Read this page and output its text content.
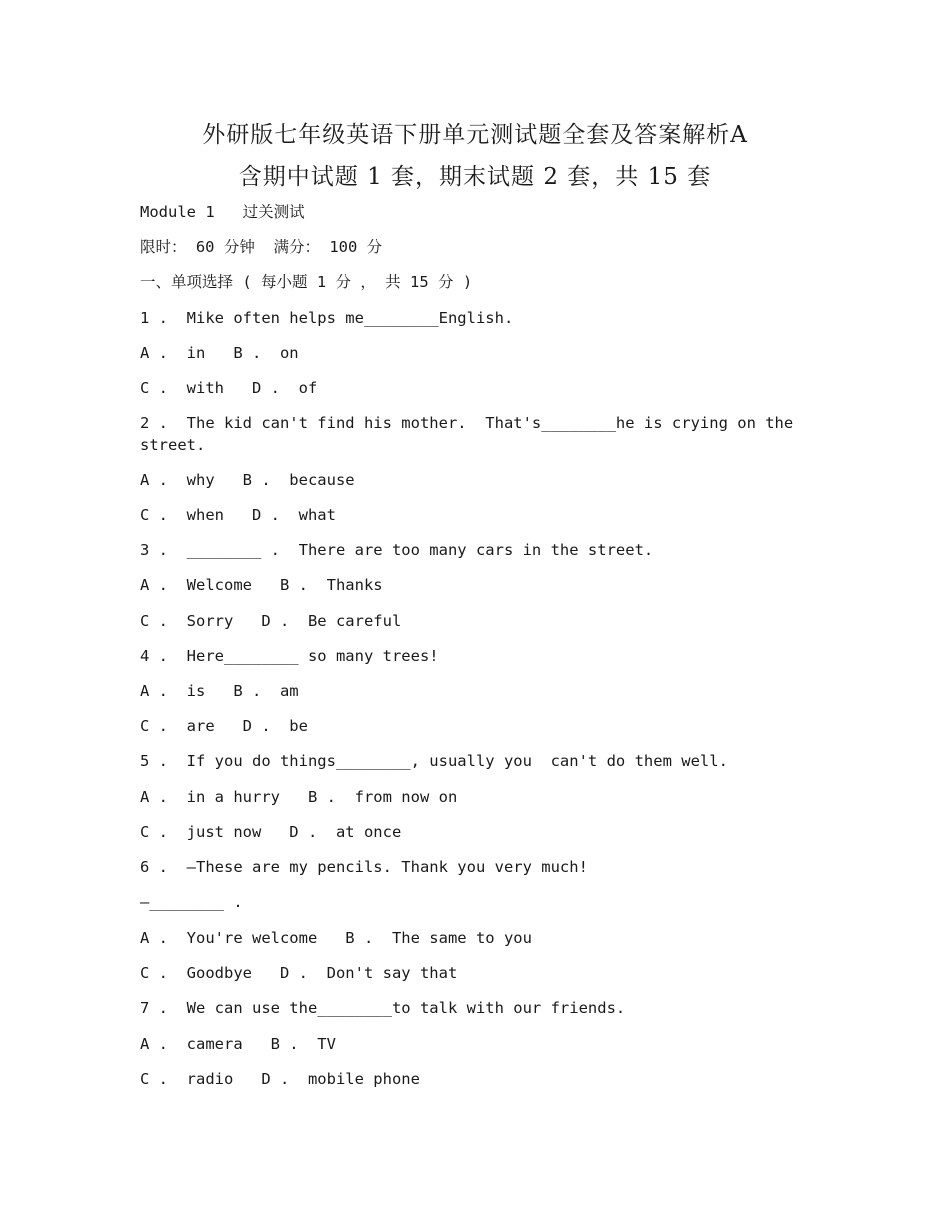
外研版七年级英语下册单元测试题全套及答案解析A
含期中试题 1 套，期末试题 2 套，共 15 套
Module 1   过关测试
限时： 60 分钟  满分： 100 分
一、单项选择 ( 每小题 1 分 ， 共 15 分 )
1 .  Mike often helps me________English.
A .  in   B .  on
C .  with   D .  of
2 .  The kid can't find his mother.  That's________he is crying on the street.
A .  why   B .  because
C .  when   D .  what
3 .  ________ .  There are too many cars in the street.
A .  Welcome   B .  Thanks
C .  Sorry   D .  Be careful
4 .  Here________ so many trees!
A .  is   B .  am
C .  are   D .  be
5 .  If you do things________, usually you  can't do them well.
A .  in a hurry   B .  from now on
C .  just now   D .  at once
6 .  —These are my pencils. Thank you very much!
—________ .
A .  You're welcome   B .  The same to you
C .  Goodbye   D .  Don't say that
7 .  We can use the________to talk with our friends.
A .  camera   B .  TV
C .  radio   D .  mobile phone
